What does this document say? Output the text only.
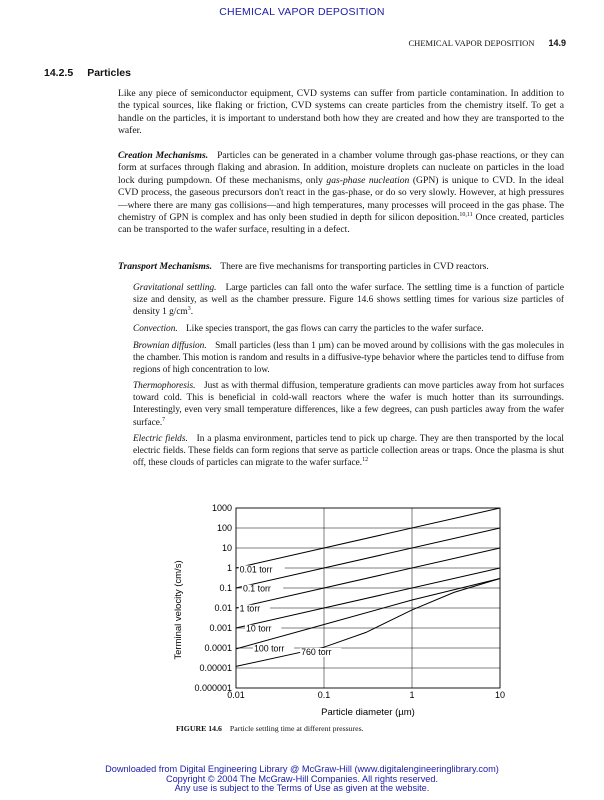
CHEMICAL VAPOR DEPOSITION
CHEMICAL VAPOR DEPOSITION 14.9
14.2.5 Particles

Like any piece of semiconductor equipment, CVD systems can suffer from particle contamination. In addition to the typical sources, like flaking or friction, CVD systems can create particles from the chemistry itself. To get a handle on the particles, it is important to understand both how they are created and how they are transported to the wafer.

Creation Mechanisms. Particles can be generated in a chamber volume through gas-phase reactions, or they can form at surfaces through flaking and abrasion. In addition, moisture droplets can nucleate on particles in the load lock during pumpdown. Of these mechanisms, only gas-phase nucleation (GPN) is unique to CVD. In the ideal CVD process, the gaseous precursors don't react in the gas-phase, or do so very slowly. However, at high pressures—where there are many gas collisions—and high temperatures, many processes will proceed in the gas phase. The chemistry of GPN is complex and has only been studied in depth for silicon deposition.$^{10,11}$ Once created, particles can be transported to the wafer surface, resulting in a defect.

Transport Mechanisms. There are five mechanisms for transporting particles in CVD reactors.

Gravitational settling. Large particles can fall onto the wafer surface. The settling time is a function of particle size and density, as well as the chamber pressure. Figure 14.6 shows settling times for various size particles of density 1 $g/cm^3$.
Convection. Like species transport, the gas flows can carry the particles to the wafer surface.
Brownian diffusion. Small particles (less than 1 µm) can be moved around by collisions with the gas molecules in the chamber. This motion is random and results in a diffusive-type behavior where the particles tend to diffuse from regions of high concentration to low.
Thermophoresis. Just as with thermal diffusion, temperature gradients can move particles away from hot surfaces toward cold. This is beneficial in cold-wall reactors where the wafer is much hotter than its surroundings. Interestingly, even very small temperature differences, like a few degrees, can push particles away from the wafer surface.$^7$
Electric fields. In a plasma environment, particles tend to pick up charge. They are then transported by the local electric fields. These fields can form regions that serve as particle collection areas or traps. Once the plasma is shut off, these clouds of particles can migrate to the wafer surface.$^{12}$
0.000001
0.00001
0.0001
0.001
0.01
0.1
1
10
100
1000
0.01	0.1	1	10
0.01 torr
0.1 torr
1 torr
10 torr
100 torr 760 torr
Particle diameter (µm)
Terminal velocity (cm/s)
FIGURE 14.6 Particle settling time at different pressures.
Downloaded from Digital Engineering Library @ McGraw-Hill (www.digitalengineeringlibrary.com)
Copyright © 2004 The McGraw-Hill Companies. All rights reserved.
Any use is subject to the Terms of Use as given at the website.
